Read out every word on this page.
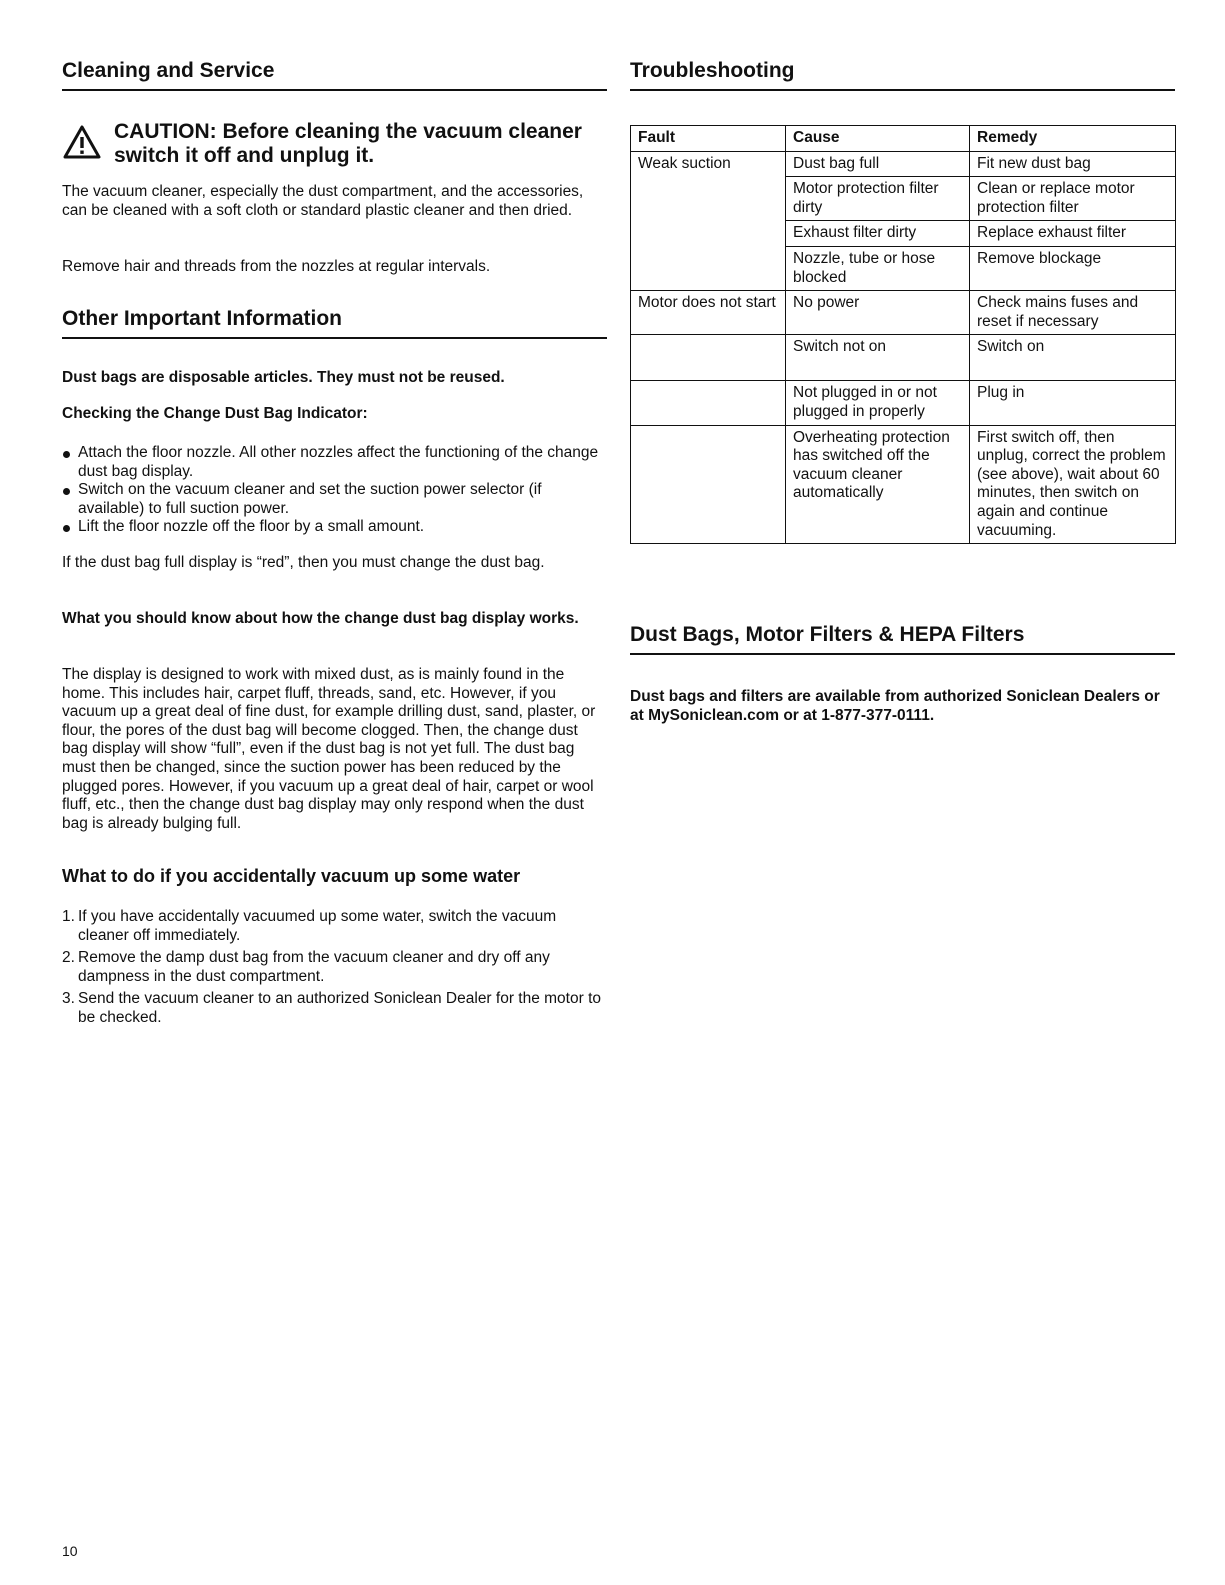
Cleaning and Service
CAUTION: Before cleaning the vacuum cleaner switch it off and unplug it.

The vacuum cleaner, especially the dust compartment, and the accessories, can be cleaned with a soft cloth or standard plastic cleaner and then dried.

Remove hair and threads from the nozzles at regular intervals.

Other Important Information

Dust bags are disposable articles. They must not be reused.

Checking the Change Dust Bag Indicator:

Attach the floor nozzle. All other nozzles affect the functioning of the change dust bag display.
Switch on the vacuum cleaner and set the suction power selector (if available) to full suction power.
Lift the floor nozzle off the floor by a small amount.

If the dust bag full display is “red”, then you must change the dust bag.

What you should know about how the change dust bag display works.

The display is designed to work with mixed dust, as is mainly found in the home. This includes hair, carpet fluff, threads, sand, etc. However, if you vacuum up a great deal of fine dust, for example drilling dust, sand, plaster, or flour, the pores of the dust bag will become clogged. Then, the change dust bag display will show “full”, even if the dust bag is not yet full. The dust bag must then be changed, since the suction power has been reduced by the plugged pores. However, if you vacuum up a great deal of hair, carpet or wool fluff, etc., then the change dust bag display may only respond when the dust bag is already bulging full.

What to do if you accidentally vacuum up some water
1. If you have accidentally vacuumed up some water, switch the vacuum cleaner off immediately.
2. Remove the damp dust bag from the vacuum cleaner and dry off any dampness in the dust compartment.
3. Send the vacuum cleaner to an authorized Soniclean Dealer for the motor to be checked.
Troubleshooting
Fault	Cause	Remedy
Weak suction	Dust bag full	Fit new dust bag
	Motor protection filter dirty	Clean or replace motor protection filter
	Exhaust filter dirty	Replace exhaust filter
	Nozzle, tube or hose blocked	Remove blockage
Motor does not start	No power	Check mains fuses and reset if necessary
	Switch not on	Switch on
	Not plugged in or not plugged in properly	Plug in
	Overheating protection has switched off the vacuum cleaner automatically	First switch off, then unplug, correct the problem (see above), wait about 60 minutes, then switch on again and continue vacuuming.
Dust Bags, Motor Filters & HEPA Filters

Dust bags and filters are available from authorized Soniclean Dealers or at MySoniclean.com or at 1-877-377-0111.

10
